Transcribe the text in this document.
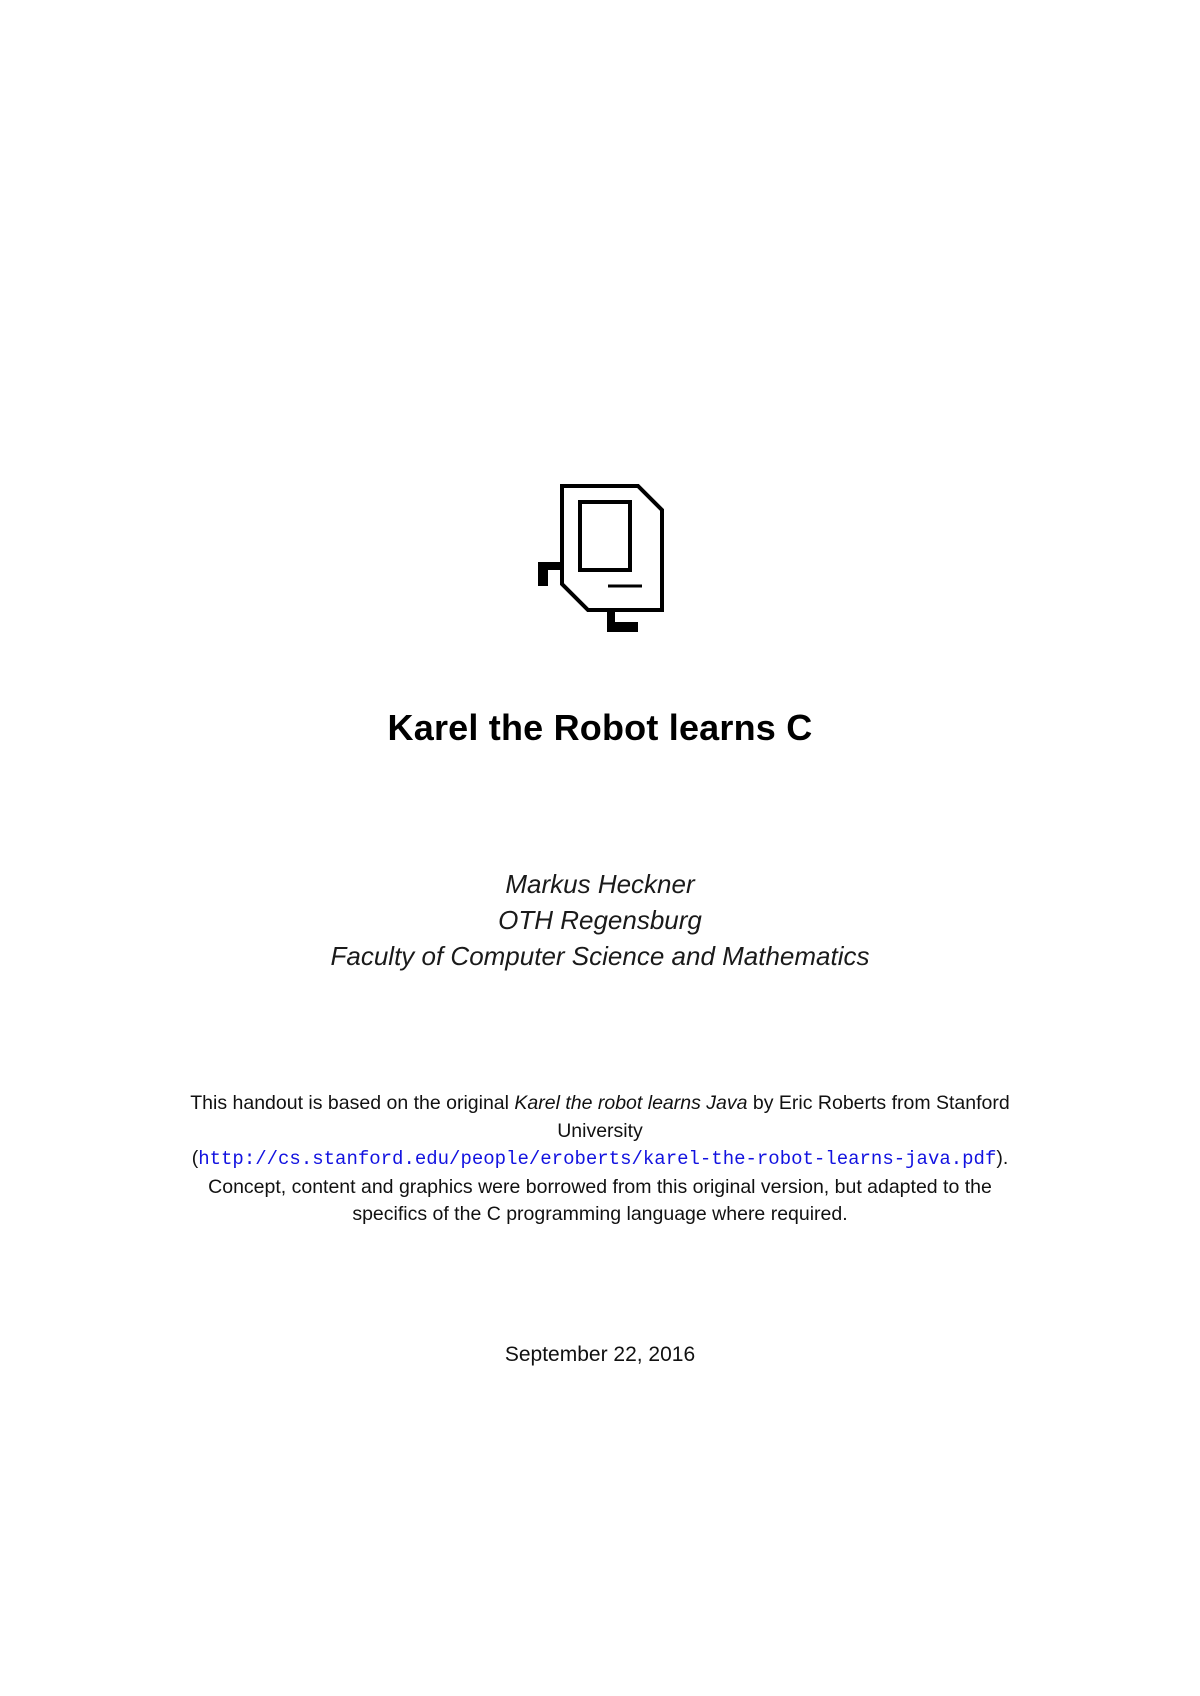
Karel the Robot learns C
Markus Heckner
OTH Regensburg
Faculty of Computer Science and Mathematics
This handout is based on the original Karel the robot learns Java by Eric Roberts from Stanford University
(http://cs.stanford.edu/people/eroberts/karel-the-robot-learns-java.pdf).
Concept, content and graphics were borrowed from this original version, but adapted to the specifics of the C programming language where required.
September 22, 2016
